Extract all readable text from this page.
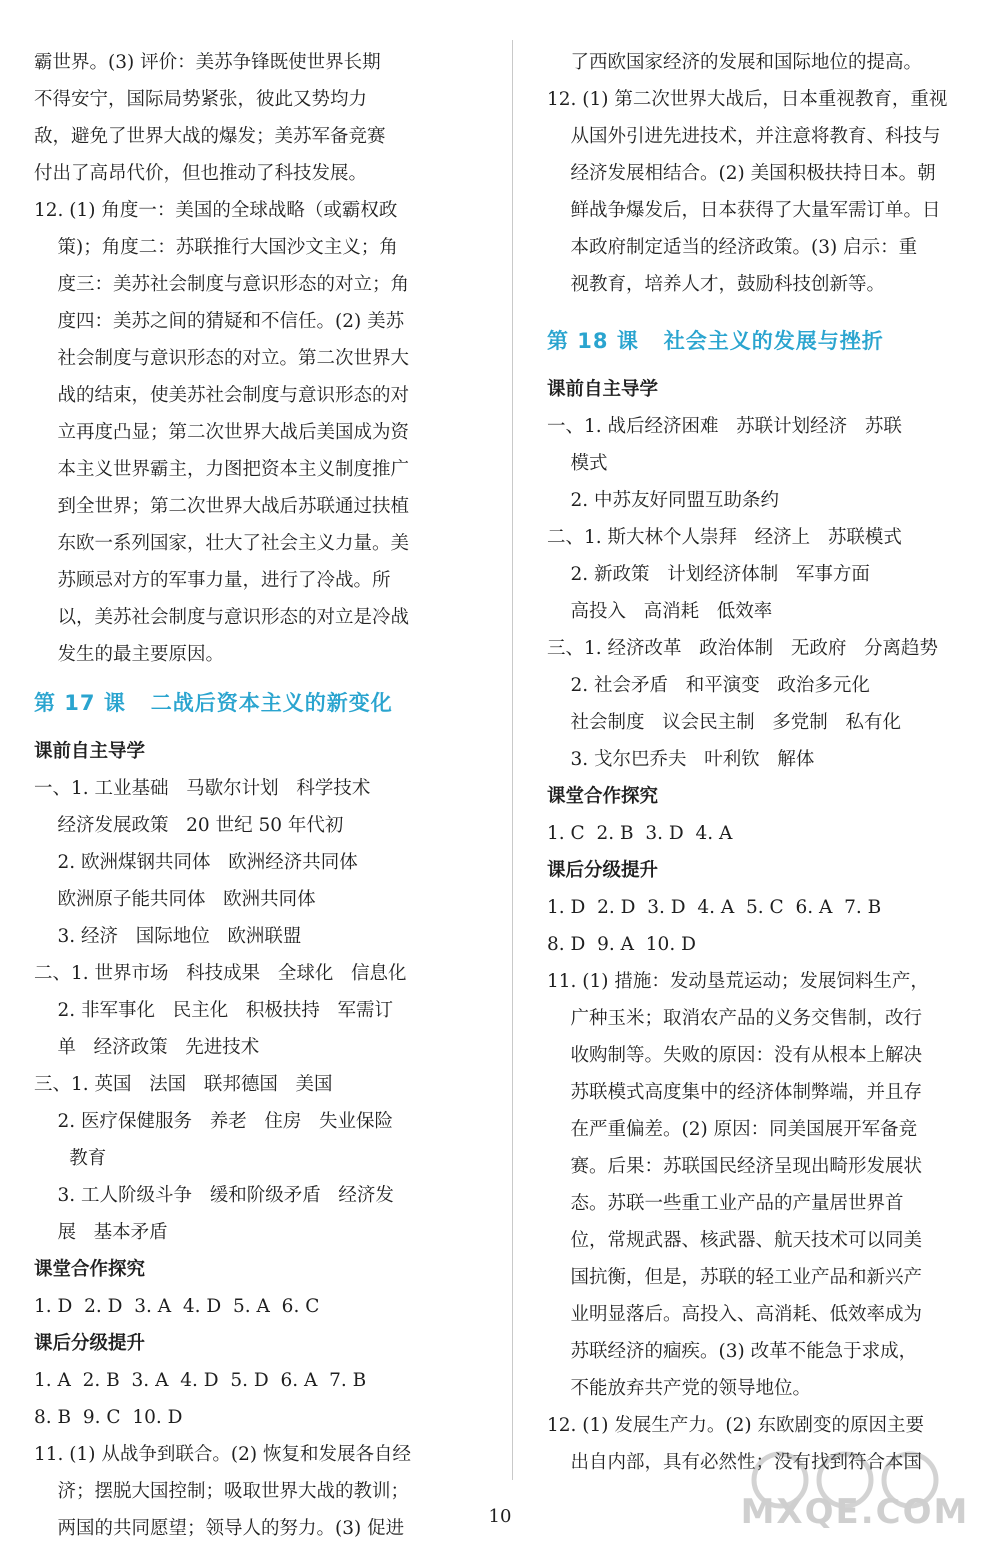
霸世界。(3) 评价：美苏争锋既使世界长期
不得安宁，国际局势紧张，彼此又势均力
敌，避免了世界大战的爆发；美苏军备竞赛
付出了高昂代价，但也推动了科技发展。
12. (1) 角度一：美国的全球战略（或霸权政
策)；角度二：苏联推行大国沙文主义；角
度三：美苏社会制度与意识形态的对立；角
度四：美苏之间的猜疑和不信任。(2) 美苏
社会制度与意识形态的对立。第二次世界大
战的结束，使美苏社会制度与意识形态的对
立再度凸显；第二次世界大战后美国成为资
本主义世界霸主，力图把资本主义制度推广
到全世界；第二次世界大战后苏联通过扶植
东欧一系列国家，壮大了社会主义力量。美
苏顾忌对方的军事力量，进行了冷战。所
以，美苏社会制度与意识形态的对立是冷战
发生的最主要原因。
第 17 课   二战后资本主义的新变化
课前自主导学
一、1. 工业基础   马歇尔计划   科学技术
经济发展政策   20 世纪 50 年代初
2. 欧洲煤钢共同体   欧洲经济共同体
欧洲原子能共同体   欧洲共同体
3. 经济   国际地位   欧洲联盟
二、1. 世界市场   科技成果   全球化   信息化
2. 非军事化   民主化   积极扶持   军需订
单   经济政策   先进技术
三、1. 英国   法国   联邦德国   美国
2. 医疗保健服务   养老   住房   失业保险
教育
3. 工人阶级斗争   缓和阶级矛盾   经济发
展   基本矛盾
课堂合作探究
1. D  2. D  3. A  4. D  5. A  6. C
课后分级提升
1. A  2. B  3. A  4. D  5. D  6. A  7. B
8. B  9. C  10. D
11. (1) 从战争到联合。(2) 恢复和发展各自经
济；摆脱大国控制；吸取世界大战的教训；
两国的共同愿望；领导人的努力。(3) 促进
了西欧国家经济的发展和国际地位的提高。
12. (1) 第二次世界大战后，日本重视教育，重视
从国外引进先进技术，并注意将教育、科技与
经济发展相结合。(2) 美国积极扶持日本。朝
鲜战争爆发后，日本获得了大量军需订单。日
本政府制定适当的经济政策。(3) 启示：重
视教育，培养人才，鼓励科技创新等。
第 18 课   社会主义的发展与挫折
课前自主导学
一、1. 战后经济困难   苏联计划经济   苏联
模式
2. 中苏友好同盟互助条约
二、1. 斯大林个人崇拜   经济上   苏联模式
2. 新政策   计划经济体制   军事方面
高投入   高消耗   低效率
三、1. 经济改革   政治体制   无政府   分离趋势
2. 社会矛盾   和平演变   政治多元化
社会制度   议会民主制   多党制   私有化
3. 戈尔巴乔夫   叶利钦   解体
课堂合作探究
1. C  2. B  3. D  4. A
课后分级提升
1. D  2. D  3. D  4. A  5. C  6. A  7. B
8. D  9. A  10. D
11. (1) 措施：发动垦荒运动；发展饲料生产，
广种玉米；取消农产品的义务交售制，改行
收购制等。失败的原因：没有从根本上解决
苏联模式高度集中的经济体制弊端，并且存
在严重偏差。(2) 原因：同美国展开军备竞
赛。后果：苏联国民经济呈现出畸形发展状
态。苏联一些重工业产品的产量居世界首
位，常规武器、核武器、航天技术可以同美
国抗衡，但是，苏联的轻工业产品和新兴产
业明显落后。高投入、高消耗、低效率成为
苏联经济的痼疾。(3) 改革不能急于求成，
不能放弃共产党的领导地位。
12. (1) 发展生产力。(2) 东欧剧变的原因主要
出自内部，具有必然性；没有找到符合本国
10	MXQE.COM
